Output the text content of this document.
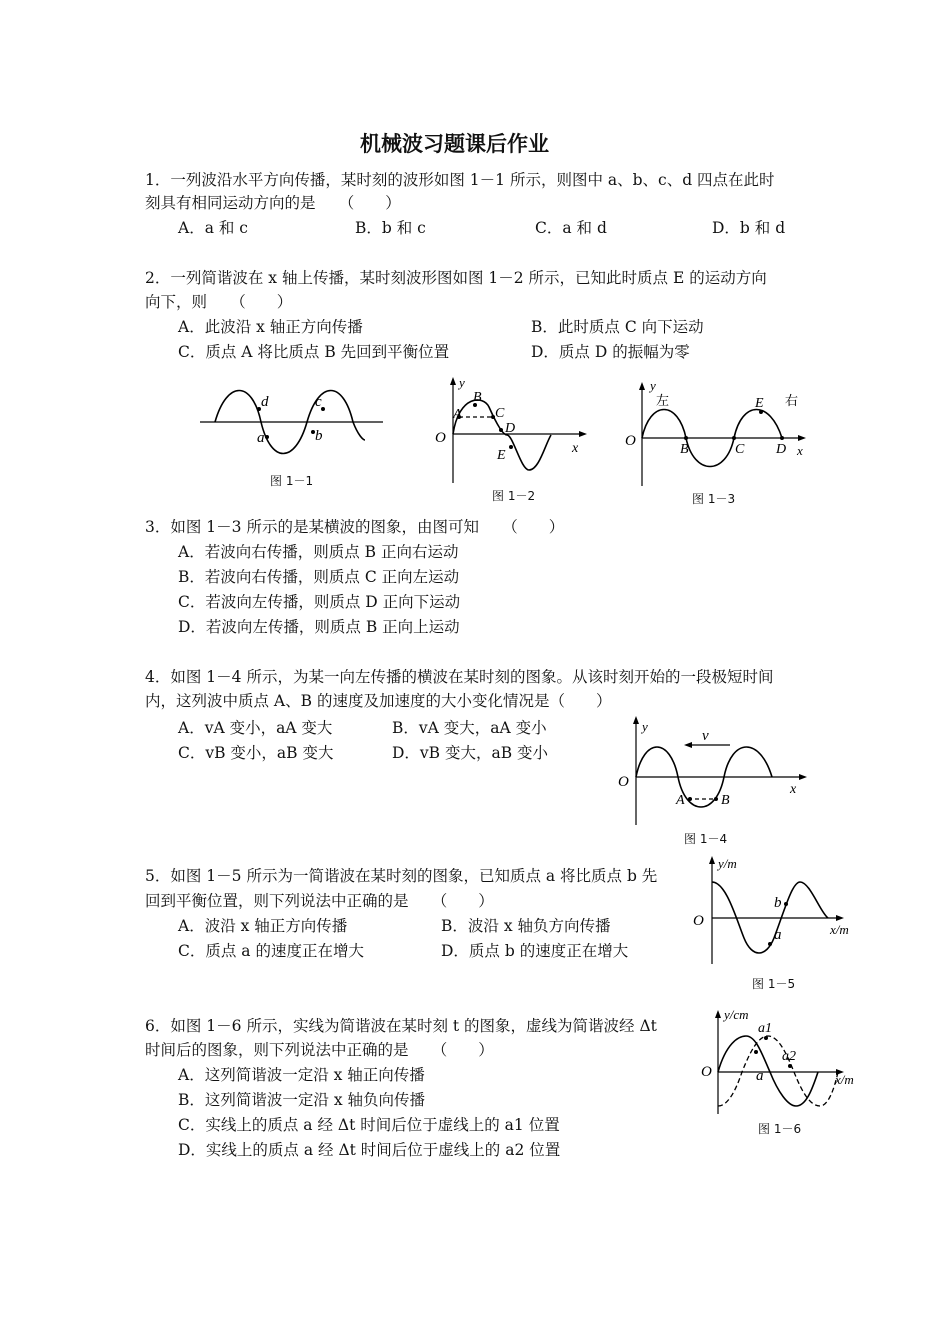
机械波习题课后作业
1．一列波沿水平方向传播，某时刻的波形如图 1－1 所示，则图中 a、b、c、d 四点在此时
刻具有相同运动方向的是　　（　　）
A．a 和 c	B．b 和 c	C．a 和 d	D．b 和 d
2．一列简谐波在 x 轴上传播，某时刻波形图如图 1－2 所示，已知此时质点 E 的运动方向
向下，则　　（　　）
A．此波沿 x 轴正方向传播	B．此时质点 C 向下运动
C．质点 A 将比质点 B 先回到平衡位置	D．质点 D 的振幅为零
d	c
a	b
图 1－1
y
O
x
A
B
C
D
E
图 1－2
y
O
x
左	右
E
B	C D
图 1－3
3．如图 1－3 所示的是某横波的图象，由图可知　　（　　）
A．若波向右传播，则质点 B 正向右运动
B．若波向右传播，则质点 C 正向左运动
C．若波向左传播，则质点 D 正向下运动
D．若波向左传播，则质点 B 正向上运动
4．如图 1－4 所示，为某一向左传播的横波在某时刻的图象。从该时刻开始的一段极短时间
内，这列波中质点 A、B 的速度及加速度的大小变化情况是（　　）
A．vA 变小，aA 变大	B．vA 变大，aA 变小
C．vB 变小，aB 变大	D．vB 变大，aB 变小
y
O	x
v
A	B
图 1－4
5．如图 1－5 所示为一简谐波在某时刻的图象，已知质点 a 将比质点 b 先
回到平衡位置，则下列说法中正确的是　　（　　）
A．波沿 x 轴正方向传播	B．波沿 x 轴负方向传播
C．质点 a 的速度正在增大	D．质点 b 的速度正在增大
y/m
O
x/m
a
b
图 1－5
6．如图 1－6 所示，实线为简谐波在某时刻 t 的图象，虚线为简谐波经 Δt
时间后的图象，则下列说法中正确的是　　（　　）
A．这列简谐波一定沿 x 轴正向传播
B．这列简谐波一定沿 x 轴负向传播
C．实线上的质点 a 经 Δt 时间后位于虚线上的 a1 位置
D．实线上的质点 a 经 Δt 时间后位于虚线上的 a2 位置
y/cm
O	x/m
a
a1
a2
图 1－6
